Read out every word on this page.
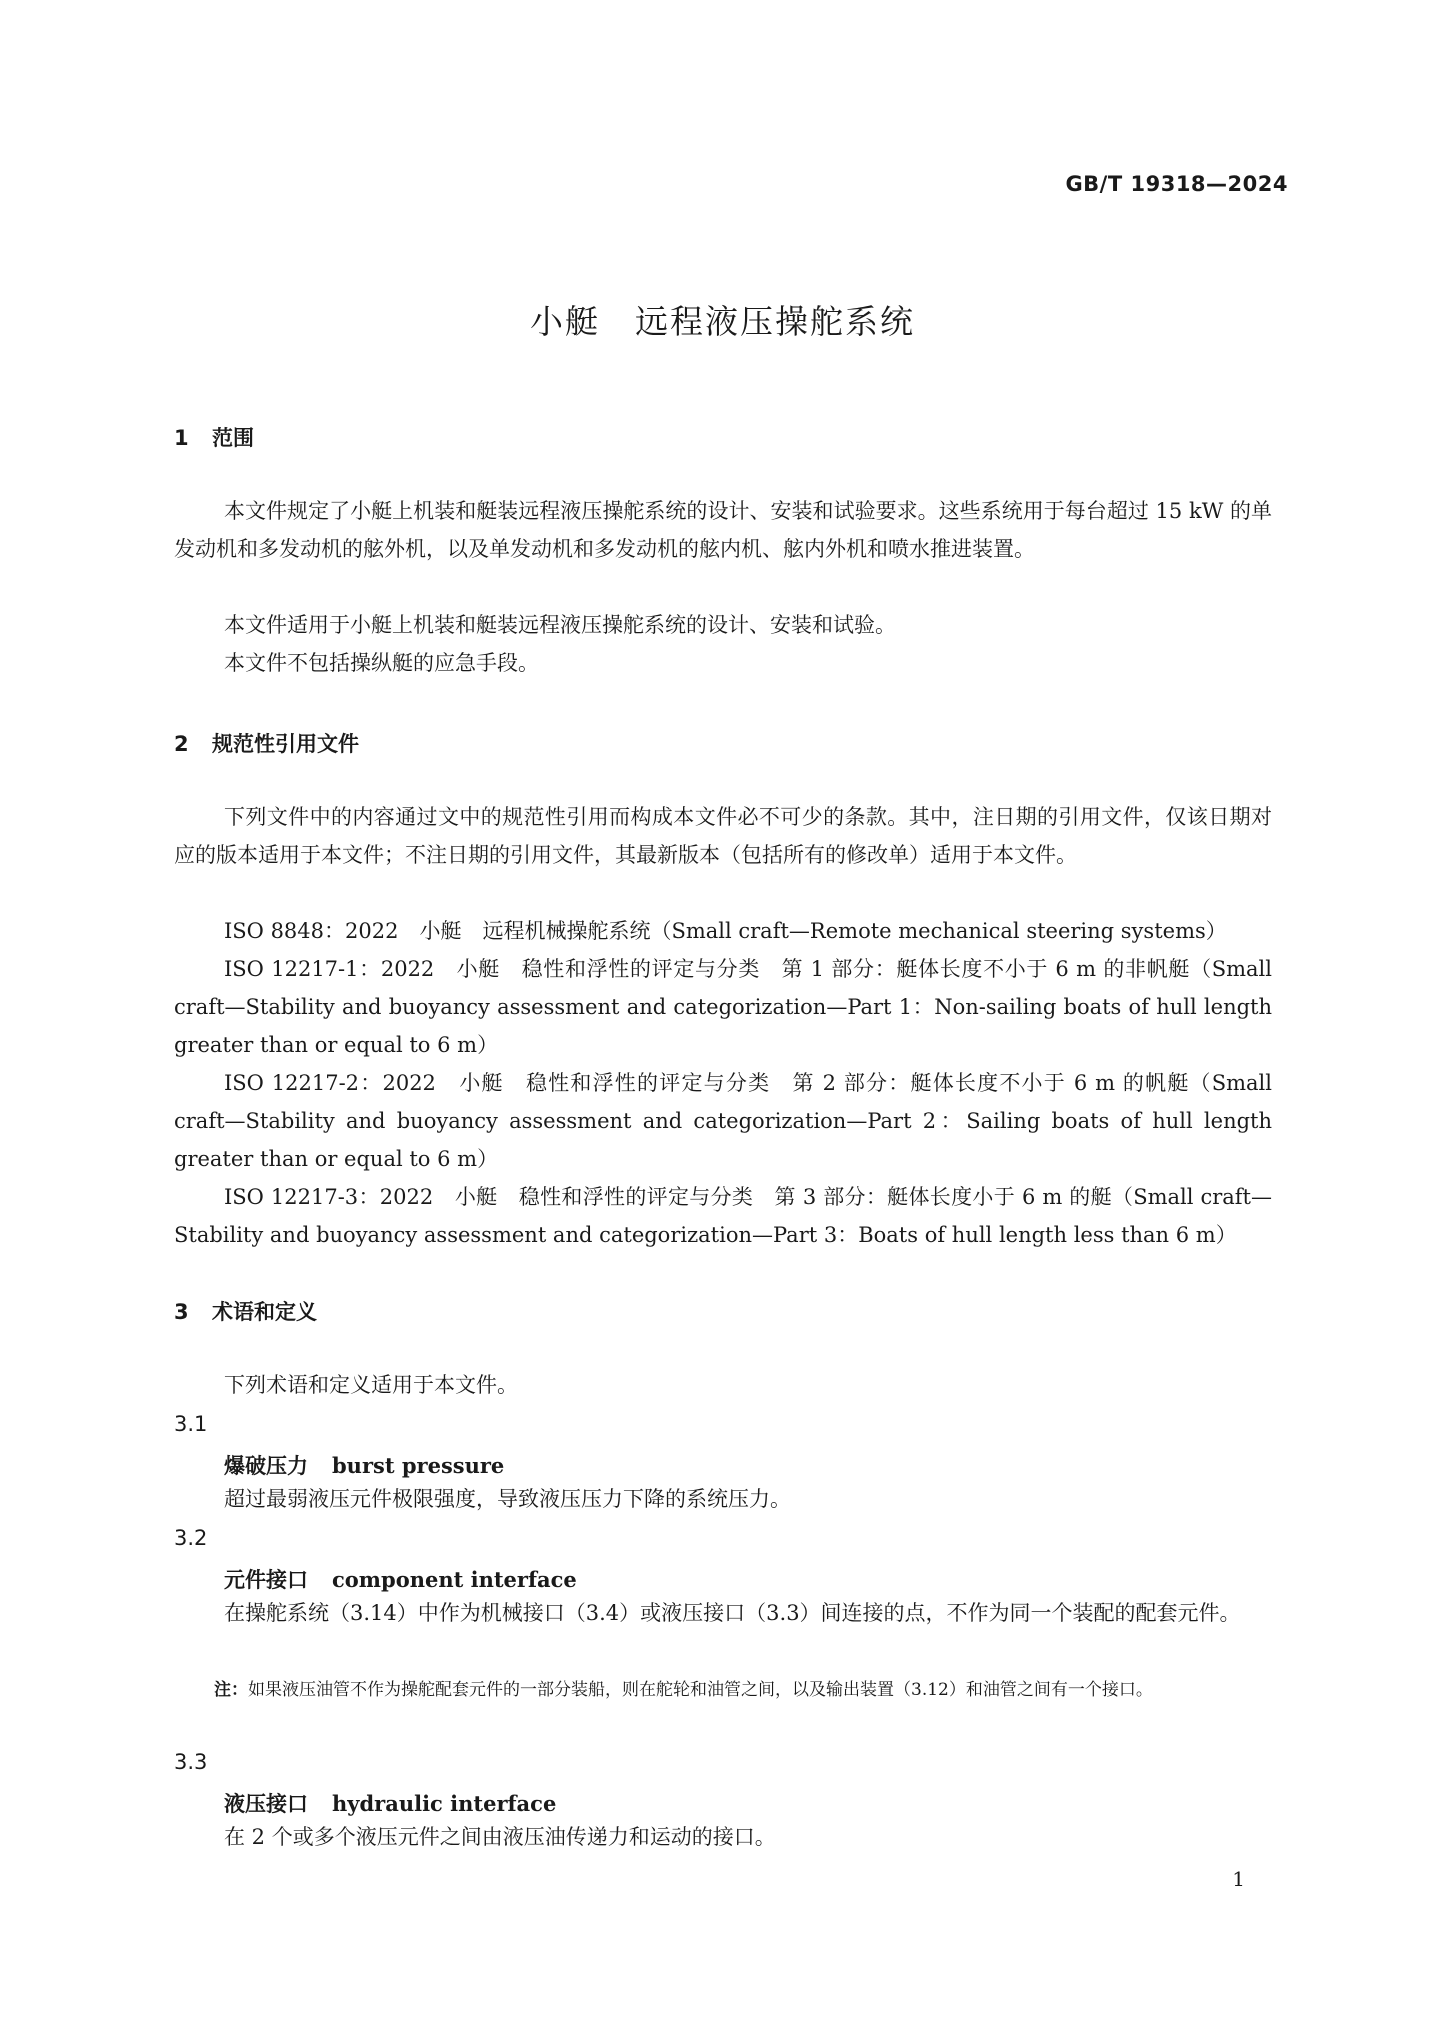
GB/T 19318—2024
小艇　远程液压操舵系统
1 范围
本文件规定了小艇上机装和艇装远程液压操舵系统的设计、安装和试验要求。这些系统用于每台超过 15 kW 的单发动机和多发动机的舷外机，以及单发动机和多发动机的舷内机、舷内外机和喷水推进装置。
本文件适用于小艇上机装和艇装远程液压操舵系统的设计、安装和试验。
本文件不包括操纵艇的应急手段。
2 规范性引用文件
下列文件中的内容通过文中的规范性引用而构成本文件必不可少的条款。其中，注日期的引用文件，仅该日期对应的版本适用于本文件；不注日期的引用文件，其最新版本（包括所有的修改单）适用于本文件。
ISO 8848：2022　小艇　远程机械操舵系统（Small craft—Remote mechanical steering systems）
ISO 12217-1：2022　小艇　稳性和浮性的评定与分类　第 1 部分：艇体长度不小于 6 m 的非帆艇（Small craft—Stability and buoyancy assessment and categorization—Part 1：Non-sailing boats of hull length greater than or equal to 6 m）
ISO 12217-2：2022　小艇　稳性和浮性的评定与分类　第 2 部分：艇体长度不小于 6 m 的帆艇（Small craft—Stability and buoyancy assessment and categorization—Part 2：Sailing boats of hull length greater than or equal to 6 m）
ISO 12217-3：2022　小艇　稳性和浮性的评定与分类　第 3 部分：艇体长度小于 6 m 的艇（Small craft—Stability and buoyancy assessment and categorization—Part 3：Boats of hull length less than 6 m）
3 术语和定义
下列术语和定义适用于本文件。
3.1
爆破压力 burst pressure
超过最弱液压元件极限强度，导致液压压力下降的系统压力。
3.2
元件接口 component interface
在操舵系统（3.14）中作为机械接口（3.4）或液压接口（3.3）间连接的点，不作为同一个装配的配套元件。
注：如果液压油管不作为操舵配套元件的一部分装船，则在舵轮和油管之间，以及输出装置（3.12）和油管之间有一个接口。
3.3
液压接口 hydraulic interface
在 2 个或多个液压元件之间由液压油传递力和运动的接口。
1
